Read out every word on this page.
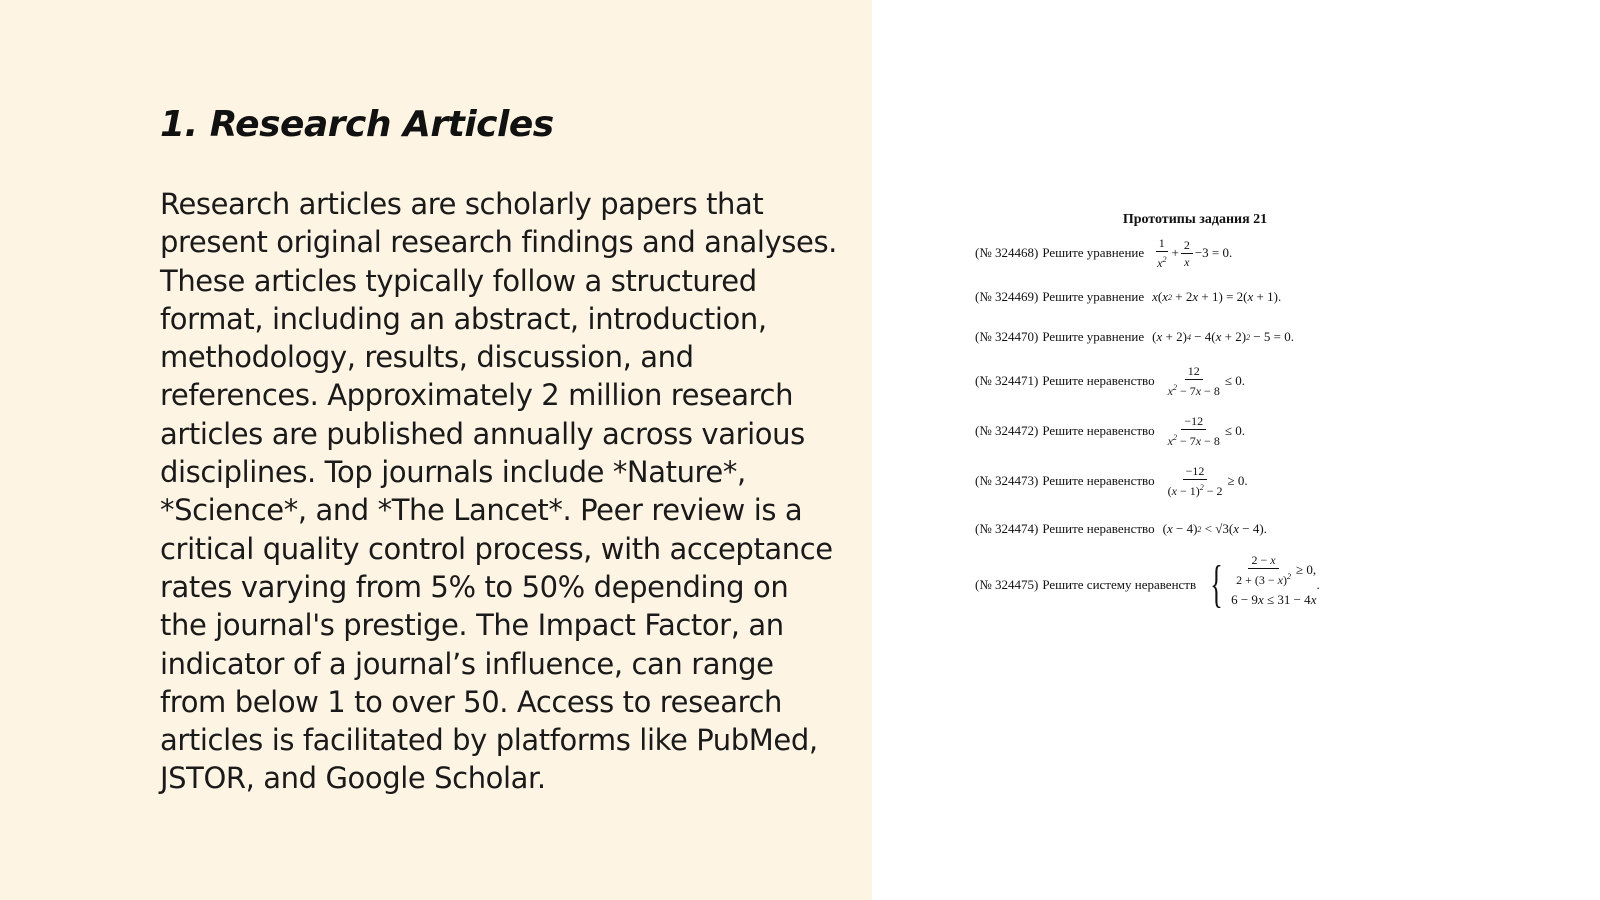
1. Research Articles

Research articles are scholarly papers that present original research findings and analyses. These articles typically follow a structured format, including an abstract, introduction, methodology, results, discussion, and references. Approximately 2 million research articles are published annually across various disciplines. Top journals include *Nature*, *Science*, and *The Lancet*. Peer review is a critical quality control process, with acceptance rates varying from 5% to 50% depending on the journal's prestige. The Impact Factor, an indicator of a journal’s influence, can range from below 1 to over 50. Access to research articles is facilitated by platforms like PubMed, JSTOR, and Google Scholar.

Прототипы задания 21
(№ 324468) Решите уравнение $\frac{1}{x^2} + \frac{2}{x} -3 = 0$.
(№ 324469) Решите уравнение x ( x 2 + 2 x + 1) = 2( x + 1).
(№ 324470) Решите уравнение ( x + 2) 4 − 4( x + 2) 2 − 5 = 0.
(№ 324471) Решите неравенство $\frac{12}{x^2 - 7x - 8} \le 0$.
(№ 324472) Решите неравенство $\frac{-12}{x^2 - 7x - 8} \le 0$.
(№ 324473) Решите неравенство $\frac{-12}{(x - 1)^2 - 2} \ge 0$.
(№ 324474) Решите неравенство ( x − 4) 2 < √3( x − 4).
(№ 324475) Решите систему неравенств { $\frac{2 - x}{2 + (3 - x)^2} \ge 0$,
6 − 9 x ≤ 31 − 4 x
.
